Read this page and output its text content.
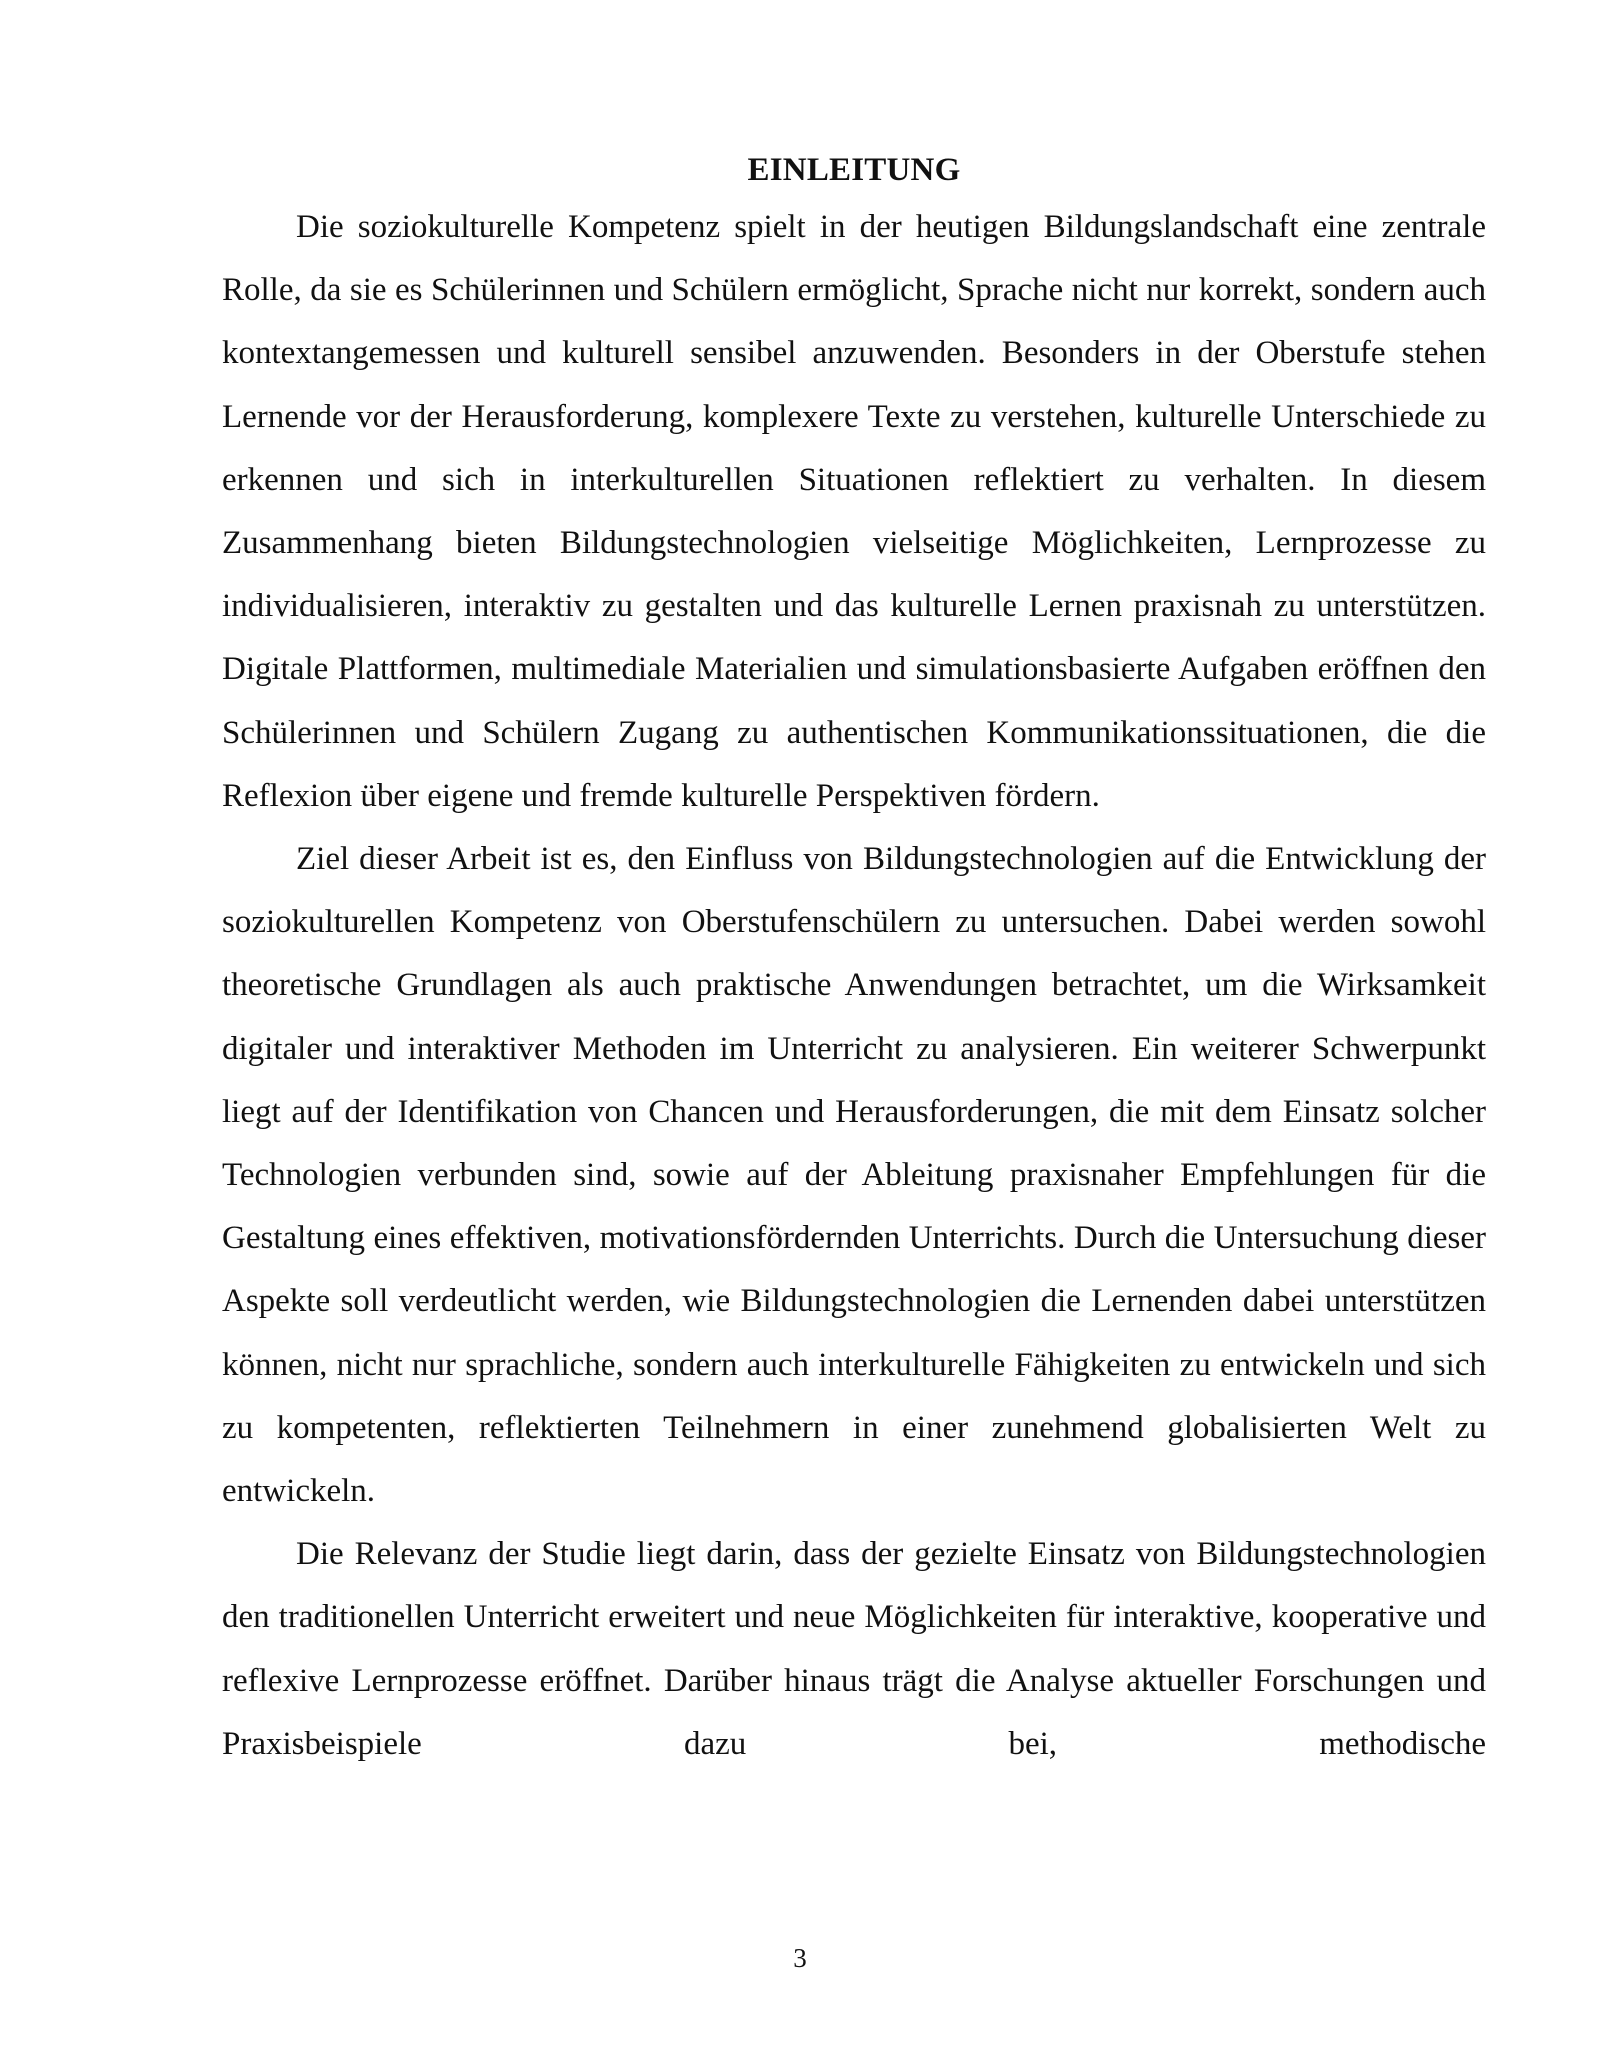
EINLEITUNG

Die soziokulturelle Kompetenz spielt in der heutigen Bildungslandschaft eine zentrale Rolle, da sie es Schülerinnen und Schülern ermöglicht, Sprache nicht nur korrekt, sondern auch kontextangemessen und kulturell sensibel anzuwenden. Besonders in der Oberstufe stehen Lernende vor der Herausforderung, komplexere Texte zu verstehen, kulturelle Unterschiede zu erkennen und sich in interkulturellen Situationen reflektiert zu verhalten. In diesem Zusammenhang bieten Bildungstechnologien vielseitige Möglichkeiten, Lernprozesse zu individualisieren, interaktiv zu gestalten und das kulturelle Lernen praxisnah zu unterstützen. Digitale Plattformen, multimediale Materialien und simulationsbasierte Aufgaben eröffnen den Schülerinnen und Schülern Zugang zu authentischen Kommunikationssituationen, die die Reflexion über eigene und fremde kulturelle Perspektiven fördern.

Ziel dieser Arbeit ist es, den Einfluss von Bildungstechnologien auf die Entwicklung der soziokulturellen Kompetenz von Oberstufenschülern zu untersuchen. Dabei werden sowohl theoretische Grundlagen als auch praktische Anwendungen betrachtet, um die Wirksamkeit digitaler und interaktiver Methoden im Unterricht zu analysieren. Ein weiterer Schwerpunkt liegt auf der Identifikation von Chancen und Herausforderungen, die mit dem Einsatz solcher Technologien verbunden sind, sowie auf der Ableitung praxisnaher Empfehlungen für die Gestaltung eines effektiven, motivationsfördernden Unterrichts. Durch die Untersuchung dieser Aspekte soll verdeutlicht werden, wie Bildungstechnologien die Lernenden dabei unterstützen können, nicht nur sprachliche, sondern auch interkulturelle Fähigkeiten zu entwickeln und sich zu kompetenten, reflektierten Teilnehmern in einer zunehmend globalisierten Welt zu entwickeln.

Die Relevanz der Studie liegt darin, dass der gezielte Einsatz von Bildungstechnologien den traditionellen Unterricht erweitert und neue Möglichkeiten für interaktive, kooperative und reflexive Lernprozesse eröffnet. Darüber hinaus trägt die Analyse aktueller Forschungen und Praxisbeispiele dazu bei, methodische

3
